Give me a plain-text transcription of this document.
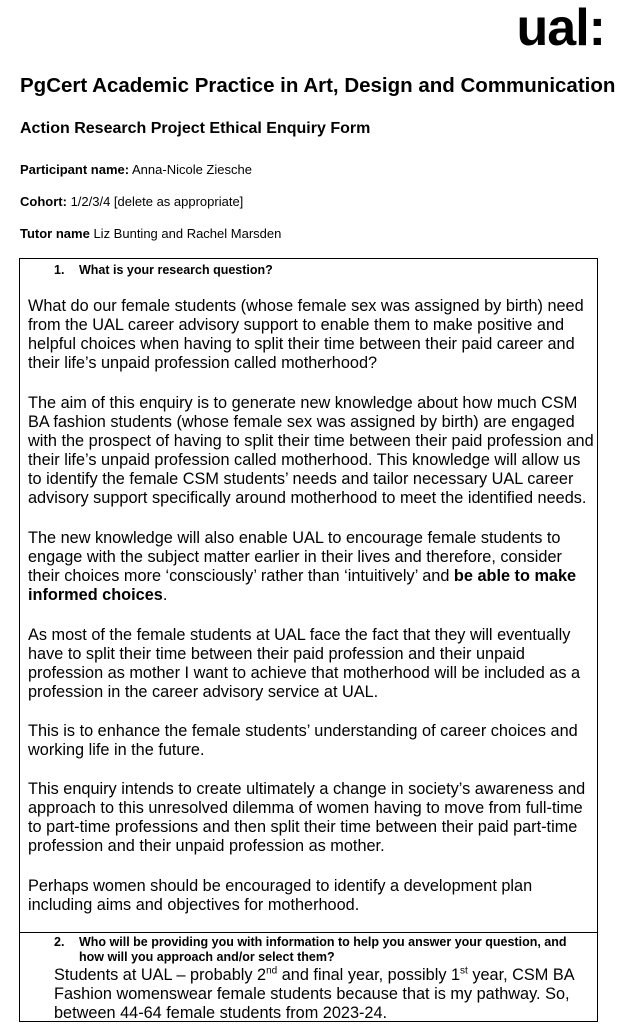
ual:
PgCert Academic Practice in Art, Design and Communication
Action Research Project Ethical Enquiry Form
Participant name: Anna-Nicole Ziesche
Cohort: 1/2/3/4 [delete as appropriate]
Tutor name Liz Bunting and Rachel Marsden
1. What is your research question?

What do our female students (whose female sex was assigned by birth) need from the UAL career advisory support to enable them to make positive and helpful choices when having to split their time between their paid career and their life’s unpaid profession called motherhood?

The aim of this enquiry is to generate new knowledge about how much CSM BA fashion students (whose female sex was assigned by birth) are engaged with the prospect of having to split their time between their paid profession and their life’s unpaid profession called motherhood. This knowledge will allow us to identify the female CSM students’ needs and tailor necessary UAL career advisory support specifically around motherhood to meet the identified needs.

The new knowledge will also enable UAL to encourage female students to engage with the subject matter earlier in their lives and therefore, consider their choices more ‘consciously’ rather than ‘intuitively’ and be able to make informed choices.

As most of the female students at UAL face the fact that they will eventually have to split their time between their paid profession and their unpaid profession as mother I want to achieve that motherhood will be included as a profession in the career advisory service at UAL.

This is to enhance the female students’ understanding of career choices and working life in the future.

This enquiry intends to create ultimately a change in society’s awareness and approach to this unresolved dilemma of women having to move from full-time to part-time professions and then split their time between their paid part-time profession and their unpaid profession as mother.

Perhaps women should be encouraged to identify a development plan including aims and objectives for motherhood.

2. Who will be providing you with information to help you answer your question, and how will you approach and/or select them?

Students at UAL – probably 2nd and final year, possibly 1st year, CSM BA Fashion womenswear female students because that is my pathway. So, between 44-64 female students from 2023-24.
